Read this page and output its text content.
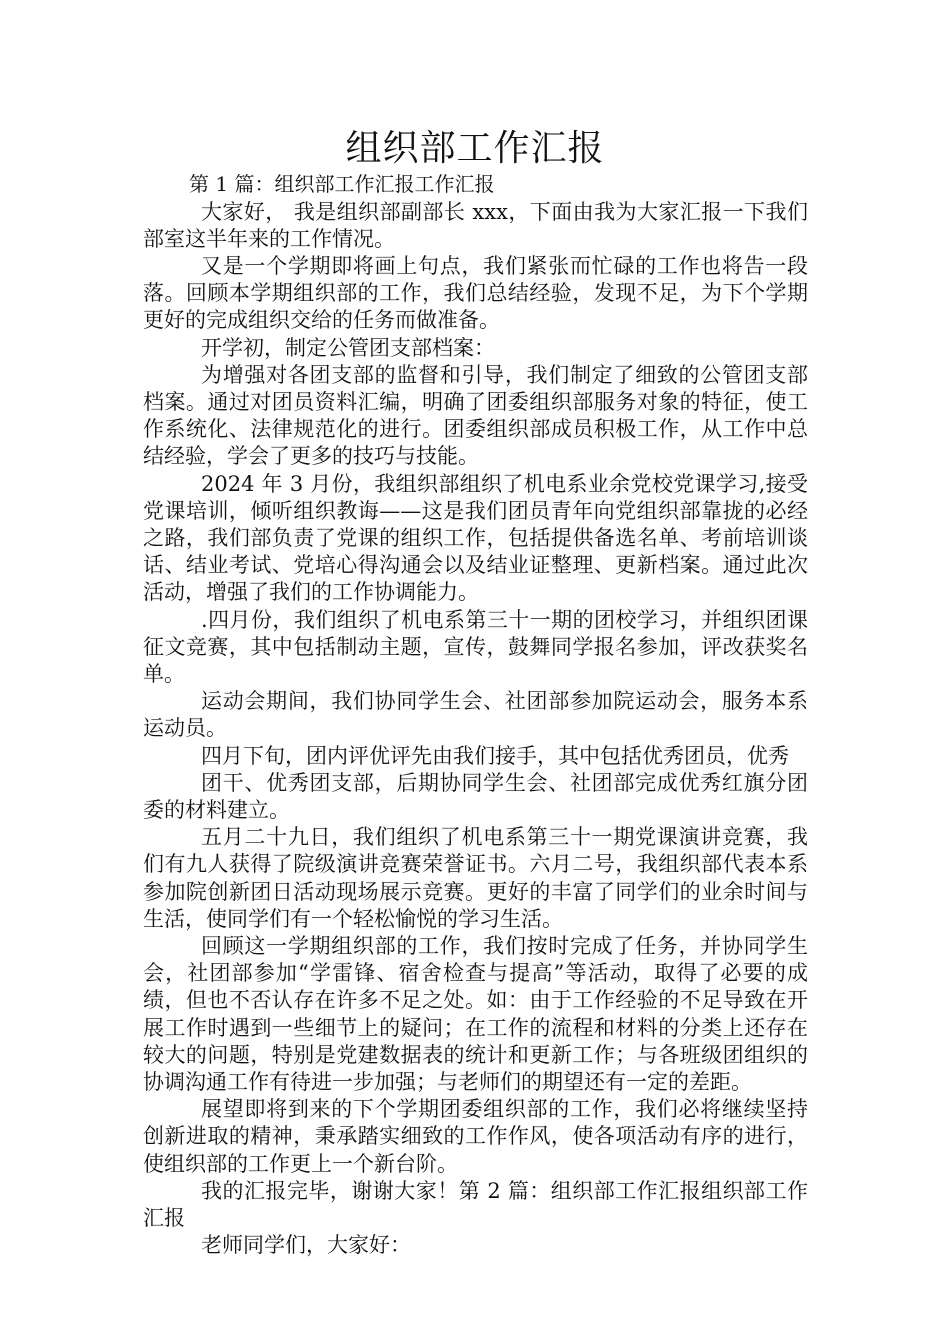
组织部工作汇报

第 1 篇：组织部工作汇报工作汇报

大家好， 我是组织部副部长 xxx，下面由我为大家汇报一下我们部室这半年来的工作情况。

又是一个学期即将画上句点，我们紧张而忙碌的工作也将告一段落。回顾本学期组织部的工作，我们总结经验，发现不足，为下个学期更好的完成组织交给的任务而做准备。

开学初，制定公管团支部档案：

为增强对各团支部的监督和引导，我们制定了细致的公管团支部档案。通过对团员资料汇编，明确了团委组织部服务对象的特征，使工作系统化、法律规范化的进行。团委组织部成员积极工作，从工作中总结经验，学会了更多的技巧与技能。

2024 年 3 月份，我组织部组织了机电系业余党校党课学习,接受党课培训，倾听组织教诲——这是我们团员青年向党组织部靠拢的必经之路，我们部负责了党课的组织工作，包括提供备选名单、考前培训谈话、结业考试、党培心得沟通会以及结业证整理、更新档案。通过此次活动，增强了我们的工作协调能力。

.四月份，我们组织了机电系第三十一期的团校学习，并组织团课征文竞赛，其中包括制动主题，宣传，鼓舞同学报名参加，评改获奖名单。

运动会期间，我们协同学生会、社团部参加院运动会，服务本系运动员。

四月下旬，团内评优评先由我们接手，其中包括优秀团员，优秀

团干、优秀团支部，后期协同学生会、社团部完成优秀红旗分团委的材料建立。

五月二十九日，我们组织了机电系第三十一期党课演讲竞赛，我们有九人获得了院级演讲竞赛荣誉证书。六月二号，我组织部代表本系参加院创新团日活动现场展示竞赛。更好的丰富了同学们的业余时间与生活，使同学们有一个轻松愉悦的学习生活。

回顾这一学期组织部的工作，我们按时完成了任务，并协同学生会，社团部参加“学雷锋、宿舍检查与提高”等活动，取得了必要的成绩，但也不否认存在许多不足之处。如：由于工作经验的不足导致在开展工作时遇到一些细节上的疑问；在工作的流程和材料的分类上还存在较大的问题，特别是党建数据表的统计和更新工作；与各班级团组织的协调沟通工作有待进一步加强；与老师们的期望还有一定的差距。

展望即将到来的下个学期团委组织部的工作，我们必将继续坚持创新进取的精神，秉承踏实细致的工作作风，使各项活动有序的进行，使组织部的工作更上一个新台阶。

我的汇报完毕，谢谢大家！第 2 篇：组织部工作汇报组织部工作汇报

老师同学们，大家好：
